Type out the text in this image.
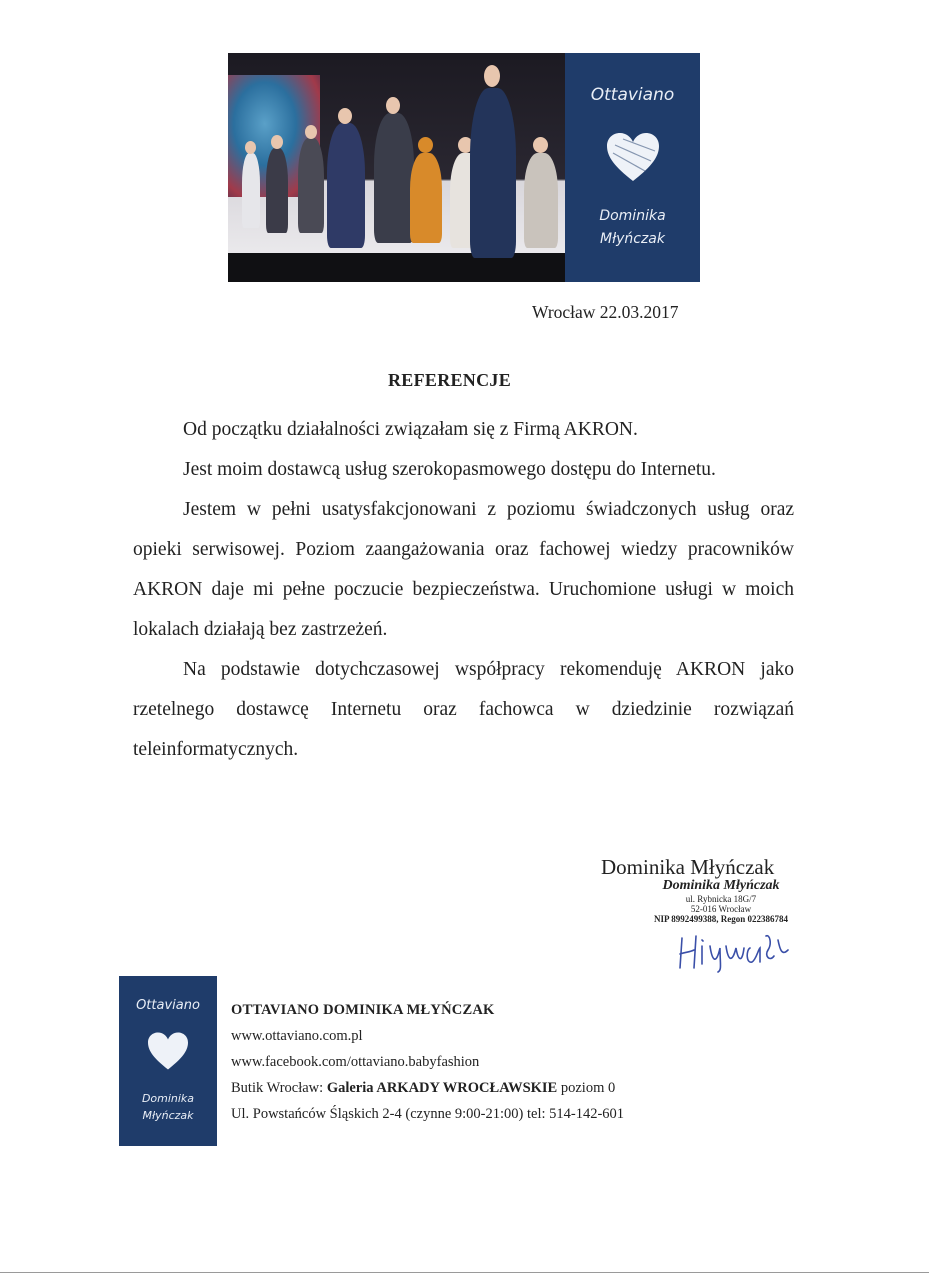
Ottaviano
Dominika
Młyńczak
Wrocław 22.03.2017
REFERENCJE

Od początku działalności związałam się z Firmą AKRON.

Jest moim dostawcą usług szerokopasmowego dostępu do Internetu.

Jestem w pełni usatysfakcjonowani z poziomu świadczonych usług oraz opieki serwisowej. Poziom zaangażowania oraz fachowej wiedzy pracowników AKRON daje mi pełne poczucie bezpieczeństwa. Uruchomione usługi w moich lokalach działają bez zastrzeżeń.

Na podstawie dotychczasowej współpracy rekomenduję AKRON jako rzetelnego dostawcę Internetu oraz fachowca w dziedzinie rozwiązań teleinformatycznych.

Dominika Młyńczak
Dominika Młyńczak
ul. Rybnicka 18G/7
52-016 Wrocław
NIP 8992499388, Regon 022386784
Ottaviano
Dominika
Młyńczak
OTTAVIANO DOMINIKA MŁYŃCZAK
www.ottaviano.com.pl
www.facebook.com/ottaviano.babyfashion
Butik Wrocław: Galeria ARKADY WROCŁAWSKIE poziom 0
Ul. Powstańców Śląskich 2-4 (czynne 9:00-21:00) tel: 514-142-601
